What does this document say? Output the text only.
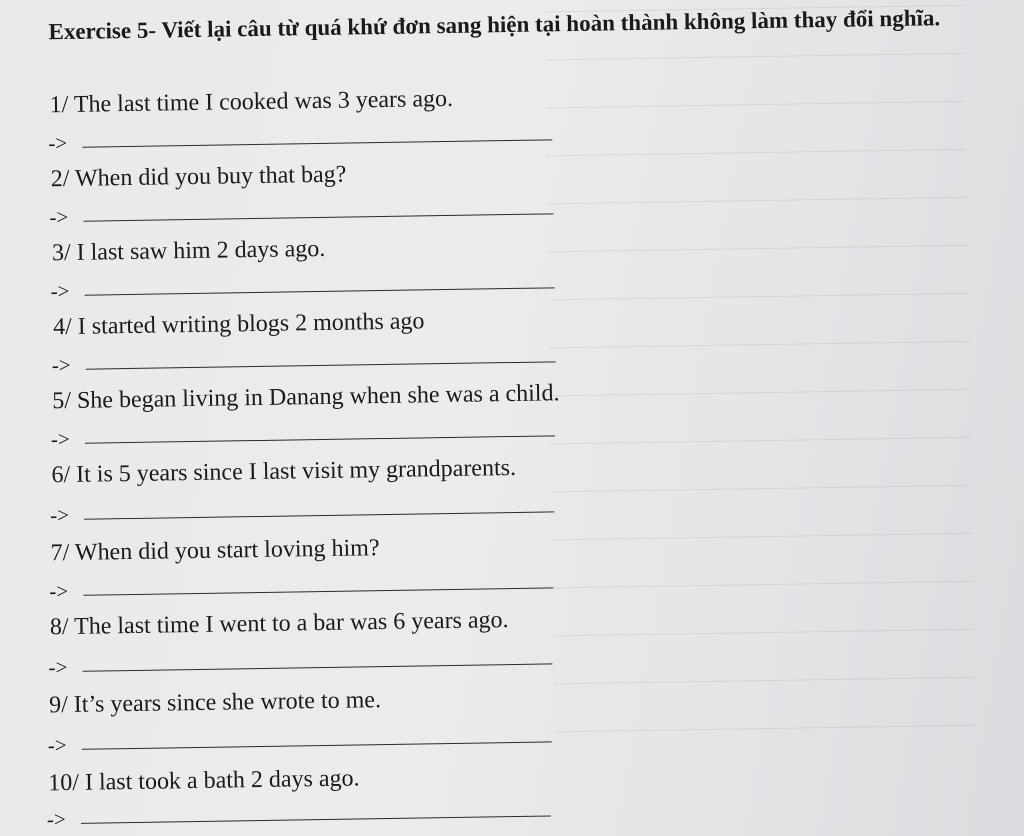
Exercise 5- Viết lại câu từ quá khứ đơn sang hiện tại hoàn thành không làm thay đổi nghĩa.

1/ The last time I cooked was 3 years ago.

->

2/ When did you buy that bag?

->

3/ I last saw him 2 days ago.

->

4/ I started writing blogs 2 months ago

->

5/ She began living in Danang when she was a child.

->

6/ It is 5 years since I last visit my grandparents.

->

7/ When did you start loving him?

->

8/ The last time I went to a bar was 6 years ago.

->

9/ It’s years since she wrote to me.

->

10/ I last took a bath 2 days ago.

->
